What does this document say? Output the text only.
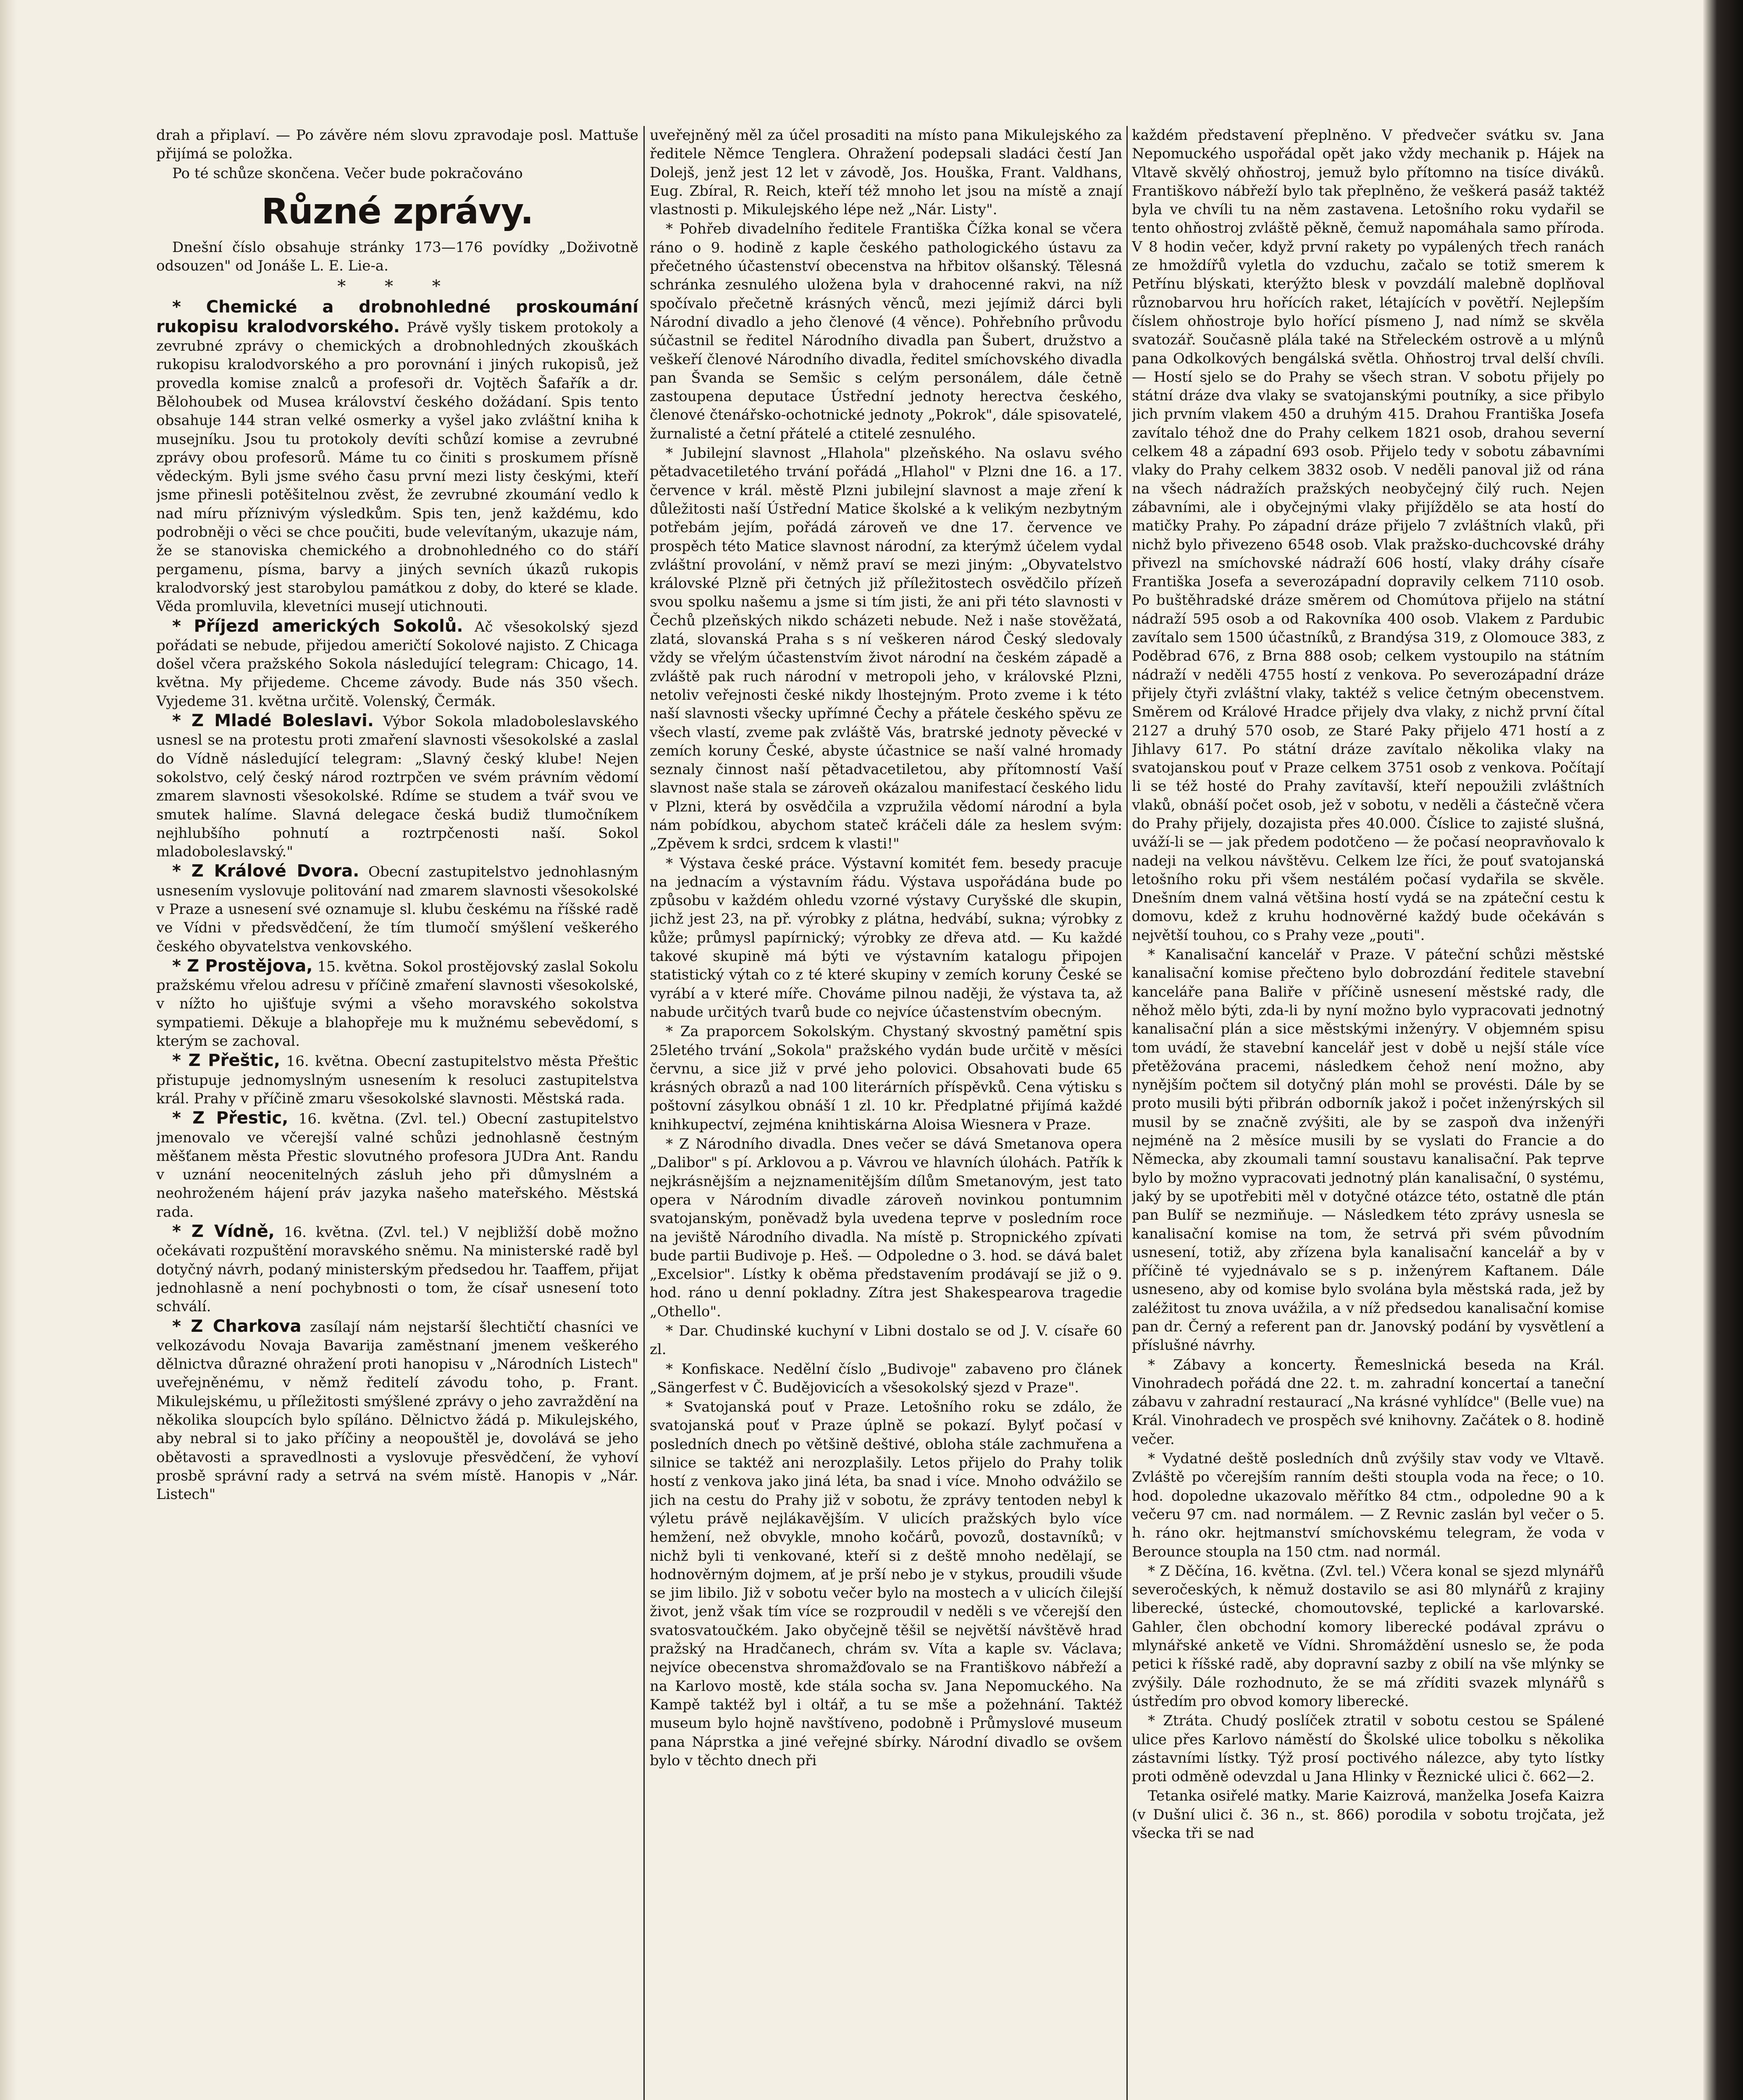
drah a připlaví. — Po závěre ném slovu zpravodaje posl. Mattuše přijímá se položka.

Po té schůze skončena. Večer bude pokračováno

Různé zprávy.

Dnešní číslo obsahuje stránky 173—176 povídky „Doživotně odsouzen" od Jonáše L. E. Lie-a.

* * *

* Chemické a drobnohledné proskoumání rukopisu kralodvorského. Právě vyšly tiskem protokoly a zevrubné zprávy o chemických a drobnohledných zkouškách rukopisu kralodvorského a pro porovnání i jiných rukopisů, jež provedla komise znalců a profesoři dr. Vojtěch Šafařík a dr. Bělohoubek od Musea království českého dožádaní. Spis tento obsahuje 144 stran velké osmerky a vyšel jako zvláštní kniha k musejníku. Jsou tu protokoly devíti schůzí komise a zevrubné zprávy obou profesorů. Máme tu co činiti s proskumem přísně vědeckým. Byli jsme svého času první mezi listy českými, kteří jsme přinesli potěšitelnou zvěst, že zevrubné zkoumání vedlo k nad míru příznivým výsledkům. Spis ten, jenž každému, kdo podrobněji o věci se chce poučiti, bude velevítaným, ukazuje nám, že se stanoviska chemického a drobnohledného co do stáří pergamenu, písma, barvy a jiných sevních úkazů rukopis kralodvorský jest starobylou památkou z doby, do které se klade. Věda promluvila, klevetníci musejí utichnouti.

* Příjezd amerických Sokolů. Ač všesokolský sjezd pořádati se nebude, přijedou američtí Sokolové najisto. Z Chicaga došel včera pražského Sokola následující telegram: Chicago, 14. května. My přijedeme. Chceme závody. Bude nás 350 všech. Vyjedeme 31. května určitě. Volenský, Čermák.

* Z Mladé Boleslavi. Výbor Sokola mladoboleslavského usnesl se na protestu proti zmaření slavnosti všesokolské a zaslal do Vídně následující telegram: „Slavný český klube! Nejen sokolstvo, celý český národ roztrpčen ve svém právním vědomí zmarem slavnosti všesokolské. Rdíme se studem a tvář svou ve smutek halíme. Slavná delegace česká budiž tlumočníkem nejhlubšího pohnutí a roztrpčenosti naší. Sokol mladoboleslavský."

* Z Králové Dvora. Obecní zastupitelstvo jednohlasným usnesením vyslovuje politování nad zmarem slavnosti všesokolské v Praze a usnesení své oznamuje sl. klubu českému na říšské radě ve Vídni v předsvědčení, že tím tlumočí smýšlení veškerého českého obyvatelstva venkovského.

* Z Prostějova, 15. května. Sokol prostějovský zaslal Sokolu pražskému vřelou adresu v příčině zmaření slavnosti všesokolské, v nížto ho ujišťuje svými a všeho moravského sokolstva sympatiemi. Děkuje a blahopřeje mu k mužnému sebevědomí, s kterým se zachoval.

* Z Přeštic, 16. května. Obecní zastupitelstvo města Přeštic přistupuje jednomyslným usnesením k resoluci zastupitelstva král. Prahy v příčině zmaru všesokolské slavnosti. Městská rada.

* Z Přestic, 16. května. (Zvl. tel.) Obecní zastupitelstvo jmenovalo ve včerejší valné schůzi jednohlasně čestným měšťanem města Přestic slovutného profesora JUDra Ant. Randu v uznání neocenitelných zásluh jeho při důmyslném a neohroženém hájení práv jazyka našeho mateřského. Městská rada.

* Z Vídně, 16. května. (Zvl. tel.) V nejbližší době možno očekávati rozpuštění moravského sněmu. Na ministerské radě byl dotyčný návrh, podaný ministerským předsedou hr. Taaffem, přijat jednohlasně a není pochybnosti o tom, že císař usnesení toto schválí.

* Z Charkova zasílají nám nejstarší šlechtičtí chasníci ve velkozávodu Novaja Bavarija zaměstnaní jmenem veškerého dělnictva důrazné ohražení proti hanopisu v „Národních Listech" uveřejněnému, v němž ředitelí závodu toho, p. Frant. Mikulejskému, u příležitosti smýšlené zprávy o jeho zavraždění na několika sloupcích bylo spíláno. Dělnictvo žádá p. Mikulejského, aby nebral si to jako příčiny a neopouštěl je, dovolává se jeho obětavosti a spravedlnosti a vyslovuje přesvědčení, že vyhoví prosbě správní rady a setrvá na svém místě. Hanopis v „Nár. Listech"

uveřejněný měl za účel prosaditi na místo pana Mikulejského za ředitele Němce Tenglera. Ohražení podepsali sladáci čestí Jan Dolejš, jenž jest 12 let v závodě, Jos. Houška, Frant. Valdhans, Eug. Zbíral, R. Reich, kteří též mnoho let jsou na místě a znají vlastnosti p. Mikulejského lépe než „Nár. Listy".

* Pohřeb divadelního ředitele Františka Čížka konal se včera ráno o 9. hodině z kaple českého pathologického ústavu za přečetného účastenství obecenstva na hřbitov olšanský. Tělesná schránka zesnulého uložena byla v drahocenné rakvi, na níž spočívalo přečetně krásných věnců, mezi jejímiž dárci byli Národní divadlo a jeho členové (4 věnce). Pohřebního průvodu súčastnil se ředitel Národního divadla pan Šubert, družstvo a veškeří členové Národního divadla, ředitel smíchovského divadla pan Švanda se Semšic s celým personálem, dále četně zastoupena deputace Ústřední jednoty herectva českého, členové čtenářsko-ochotnické jednoty „Pokrok", dále spisovatelé, žurnalisté a četní přátelé a ctitelé zesnulého.

* Jubilejní slavnost „Hlahola" plzeňského. Na oslavu svého pětadvacetiletého trvání pořádá „Hlahol" v Plzni dne 16. a 17. července v král. městě Plzni jubilejní slavnost a maje zření k důležitosti naší Ústřední Matice školské a k velikým nezbytným potřebám jejím, pořádá zároveň ve dne 17. července ve prospěch této Matice slavnost národní, za kterýmž účelem vydal zvláštní provolání, v němž praví se mezi jiným: „Obyvatelstvo královské Plzně při četných již příležitostech osvědčilo přízeň svou spolku našemu a jsme si tím jisti, že ani při této slavnosti v Čechů plzeňských nikdo scházeti nebude. Než i naše stověžatá, zlatá, slovanská Praha s s ní veškeren národ Český sledovaly vždy se vřelým účastenstvím život národní na českém západě a zvláště pak ruch národní v metropoli jeho, v královské Plzni, netoliv veřejnosti české nikdy lhostejným. Proto zveme i k této naší slavnosti všecky upřímné Čechy a přátele českého spěvu ze všech vlastí, zveme pak zvláště Vás, bratrské jednoty pěvecké v zemích koruny České, abyste účastnice se naší valné hromady seznaly činnost naší pětadvacetiletou, aby přítomností Vaší slavnost naše stala se zároveň okázalou manifestací českého lidu v Plzni, která by osvědčila a vzpružila vědomí národní a byla nám pobídkou, abychom stateč kráčeli dále za heslem svým: „Zpěvem k srdci, srdcem k vlasti!"

* Výstava české práce. Výstavní komitét fem. besedy pracuje na jednacím a výstavním řádu. Výstava uspořádána bude po způsobu v každém ohledu vzorné výstavy Curyšské dle skupin, jichž jest 23, na př. výrobky z plátna, hedvábí, sukna; výrobky z kůže; průmysl papírnický; výrobky ze dřeva atd. — Ku každé takové skupině má býti ve výstavním katalogu připojen statistický výtah co z té které skupiny v zemích koruny České se vyrábí a v které míře. Chováme pilnou naději, že výstava ta, až nabude určitých tvarů bude co nejvíce účastenstvím obecným.

* Za praporcem Sokolským. Chystaný skvostný pamětní spis 25letého trvání „Sokola" pražského vydán bude určitě v měsíci červnu, a sice již v prvé jeho polovici. Obsahovati bude 65 krásných obrazů a nad 100 literárních příspěvků. Cena výtisku s poštovní zásylkou obnáší 1 zl. 10 kr. Předplatné přijímá každé knihkupectví, zejména knihtiskárna Aloisa Wiesnera v Praze.

* Z Národního divadla. Dnes večer se dává Smetanova opera „Dalibor" s pí. Arklovou a p. Vávrou ve hlavních úlohách. Patřík k nejkrásnějším a nejznamenitějším dílům Smetanovým, jest tato opera v Národním divadle zároveň novinkou pontumnim svatojanským, poněvadž byla uvedena teprve v posledním roce na jeviště Národního divadla. Na místě p. Stropnického zpívati bude partii Budivoje p. Heš. — Odpoledne o 3. hod. se dává balet „Excelsior". Lístky k oběma představením prodávají se již o 9. hod. ráno u denní pokladny. Zítra jest Shakespearova tragedie „Othello".

* Dar. Chudinské kuchyní v Libni dostalo se od J. V. císaře 60 zl.

* Konfiskace. Nedělní číslo „Budivoje" zabaveno pro článek „Sängerfest v Č. Budějovicích a všesokolský sjezd v Praze".

* Svatojanská pouť v Praze. Letošního roku se zdálo, že svatojanská pouť v Praze úplně se pokazí. Bylyť počasí v posledních dnech po většině deštivé, obloha stále zachmuřena a silnice se taktéž ani nerozplašily. Letos přijelo do Prahy tolik hostí z venkova jako jiná léta, ba snad i více. Mnoho odvážilo se jich na cestu do Prahy již v sobotu, že zprávy tentoden nebyl k výletu právě nejlákavějším. V ulicích pražských bylo více hemžení, než obvykle, mnoho kočárů, povozů, dostavníků; v nichž byli ti venkované, kteří si z deště mnoho nedělají, se hodnověrným dojmem, ať je prší nebo je v stykus, proudili všude se jim libilo. Již v sobotu večer bylo na mostech a v ulicích čilejší život, jenž však tím více se rozproudil v neděli s ve včerejší den svatosvatoučkém. Jako obyčejně těšil se největší návštěvě hrad pražský na Hradčanech, chrám sv. Víta a kaple sv. Václava; nejvíce obecenstva shromažďovalo se na Františkovo nábřeží a na Karlovo mostě, kde stála socha sv. Jana Nepomuckého. Na Kampě taktéž byl i oltář, a tu se mše a požehnání. Taktéž museum bylo hojně navštíveno, podobně i Průmyslové museum pana Náprstka a jiné veřejné sbírky. Národní divadlo se ovšem bylo v těchto dnech při

každém představení přeplněno. V předvečer svátku sv. Jana Nepomuckého uspořádal opět jako vždy mechanik p. Hájek na Vltavě skvělý ohňostroj, jemuž bylo přítomno na tisíce diváků. Františkovo nábřeží bylo tak přeplněno, že veškerá pasáž taktéž byla ve chvíli tu na něm zastavena. Letošního roku vydařil se tento ohňostroj zvláště pěkně, čemuž napomáhala samo příroda. V 8 hodin večer, když první rakety po vypálených třech ranách ze hmoždířů vyletla do vzduchu, začalo se totiž smerem k Petřínu blýskati, kterýžto blesk v povzdálí malebně doplňoval různobarvou hru hořících raket, létajících v povětří. Nejlepším číslem ohňostroje bylo hořící písmeno J, nad nímž se skvěla svatozář. Současně plála také na Střeleckém ostrově a u mlýnů pana Odkolkových bengálská světla. Ohňostroj trval delší chvíli. — Hostí sjelo se do Prahy se všech stran. V sobotu přijely po státní dráze dva vlaky se svatojanskými poutníky, a sice přibylo jich prvním vlakem 450 a druhým 415. Drahou Františka Josefa zavítalo téhož dne do Prahy celkem 1821 osob, drahou severní celkem 48 a západní 693 osob. Přijelo tedy v sobotu zábavními vlaky do Prahy celkem 3832 osob. V neděli panoval již od rána na všech nádražích pražských neobyčejný čilý ruch. Nejen zábavními, ale i obyčejnými vlaky přijíždělo se ata hostí do matičky Prahy. Po západní dráze přijelo 7 zvláštních vlaků, při nichž bylo přivezeno 6548 osob. Vlak pražsko-duchcovské dráhy přivezl na smíchovské nádraží 606 hostí, vlaky dráhy císaře Františka Josefa a severozápadní dopravily celkem 7110 osob. Po buštěhradské dráze směrem od Chomútova přijelo na státní nádraží 595 osob a od Rakovníka 400 osob. Vlakem z Pardubic zavítalo sem 1500 účastníků, z Brandýsa 319, z Olomouce 383, z Poděbrad 676, z Brna 888 osob; celkem vystoupilo na státním nádraží v neděli 4755 hostí z venkova. Po severozápadní dráze přijely čtyři zvláštní vlaky, taktéž s velice četným obecenstvem. Směrem od Králové Hradce přijely dva vlaky, z nichž první čítal 2127 a druhý 570 osob, ze Staré Paky přijelo 471 hostí a z Jihlavy 617. Po státní dráze zavítalo několika vlaky na svatojanskou pouť v Praze celkem 3751 osob z venkova. Počítají li se též hosté do Prahy zavítavší, kteří nepoužili zvláštních vlaků, obnáší počet osob, jež v sobotu, v neděli a částečně včera do Prahy přijely, dozajista přes 40.000. Číslice to zajisté slušná, uváží-li se — jak předem podotčeno — že počasí neopravňovalo k nadeji na velkou návštěvu. Celkem lze říci, že pouť svatojanská letošního roku při všem nestálém počasí vydařila se skvěle. Dnešním dnem valná většina hostí vydá se na zpáteční cestu k domovu, kdež z kruhu hodnověrné každý bude očekáván s největší touhou, co s Prahy veze „pouti".

* Kanalisační kancelář v Praze. V páteční schůzi městské kanalisační komise přečteno bylo dobrozdání ředitele stavební kanceláře pana Baliře v příčině usnesení městské rady, dle něhož mělo býti, zda-li by nyní možno bylo vypracovati jednotný kanalisační plán a sice městskými inženýry. V objemném spisu tom uvádí, že stavební kancelář jest v době u nejší stále více přetěžována pracemi, následkem čehož není možno, aby nynějším počtem sil dotyčný plán mohl se provésti. Dále by se proto musili býti přibrán odborník jakož i počet inženýrských sil musil by se značně zvýšiti, ale by se zaspoň dva inženýři nejméně na 2 měsíce musili by se vyslati do Francie a do Německa, aby zkoumali tamní soustavu kanalisační. Pak teprve bylo by možno vypracovati jednotný plán kanalisační, 0 systému, jaký by se upotřebiti měl v dotyčné otázce této, ostatně dle ptán pan Bulíř se nezmiňuje. — Následkem této zprávy usnesla se kanalisační komise na tom, že setrvá při svém původním usnesení, totiž, aby zřízena byla kanalisační kancelář a by v příčině té vyjednávalo se s p. inženýrem Kaftanem. Dále usneseno, aby od komise bylo svolána byla městská rada, jež by zaléžitost tu znova uvážila, a v níž předsedou kanalisační komise pan dr. Černý a referent pan dr. Janovský podání by vysvětlení a příslušné návrhy.

* Zábavy a koncerty. Řemeslnická beseda na Král. Vinohradech pořádá dne 22. t. m. zahradní koncertaí a taneční zábavu v zahradní restaurací „Na krásné vyhlídce" (Belle vue) na Král. Vinohradech ve prospěch své knihovny. Začátek o 8. hodině večer.

* Vydatné deště posledních dnů zvýšily stav vody ve Vltavě. Zvláště po včerejším ranním dešti stoupla voda na řece; o 10. hod. dopoledne ukazovalo měřítko 84 ctm., odpoledne 90 a k večeru 97 cm. nad normálem. — Z Revnic zaslán byl večer o 5. h. ráno okr. hejtmanství smíchovskému telegram, že voda v Berounce stoupla na 150 ctm. nad normál.

* Z Děčína, 16. května. (Zvl. tel.) Včera konal se sjezd mlynářů severočeských, k němuž dostavilo se asi 80 mlynářů z krajiny liberecké, ústecké, chomoutovské, teplické a karlovarské. Gahler, člen obchodní komory liberecké podával zprávu o mlynářské anketě ve Vídni. Shromáždění usneslo se, že poda petici k říšské radě, aby dopravní sazby z obilí na vše mlýnky se zvýšily. Dále rozhodnuto, že se má zříditi svazek mlynářů s ústředím pro obvod komory liberecké.

* Ztráta. Chudý poslíček ztratil v sobotu cestou se Spálené ulice přes Karlovo náměstí do Školské ulice tobolku s několika zástavními lístky. Týž prosí poctivého nálezce, aby tyto lístky proti odměně odevzdal u Jana Hlinky v Řeznické ulici č. 662—2.

Tetanka osiřelé matky. Marie Kaizrová, manželka Josefa Kaizra (v Dušní ulici č. 36 n., st. 866) porodila v sobotu trojčata, jež všecka tři se nad
